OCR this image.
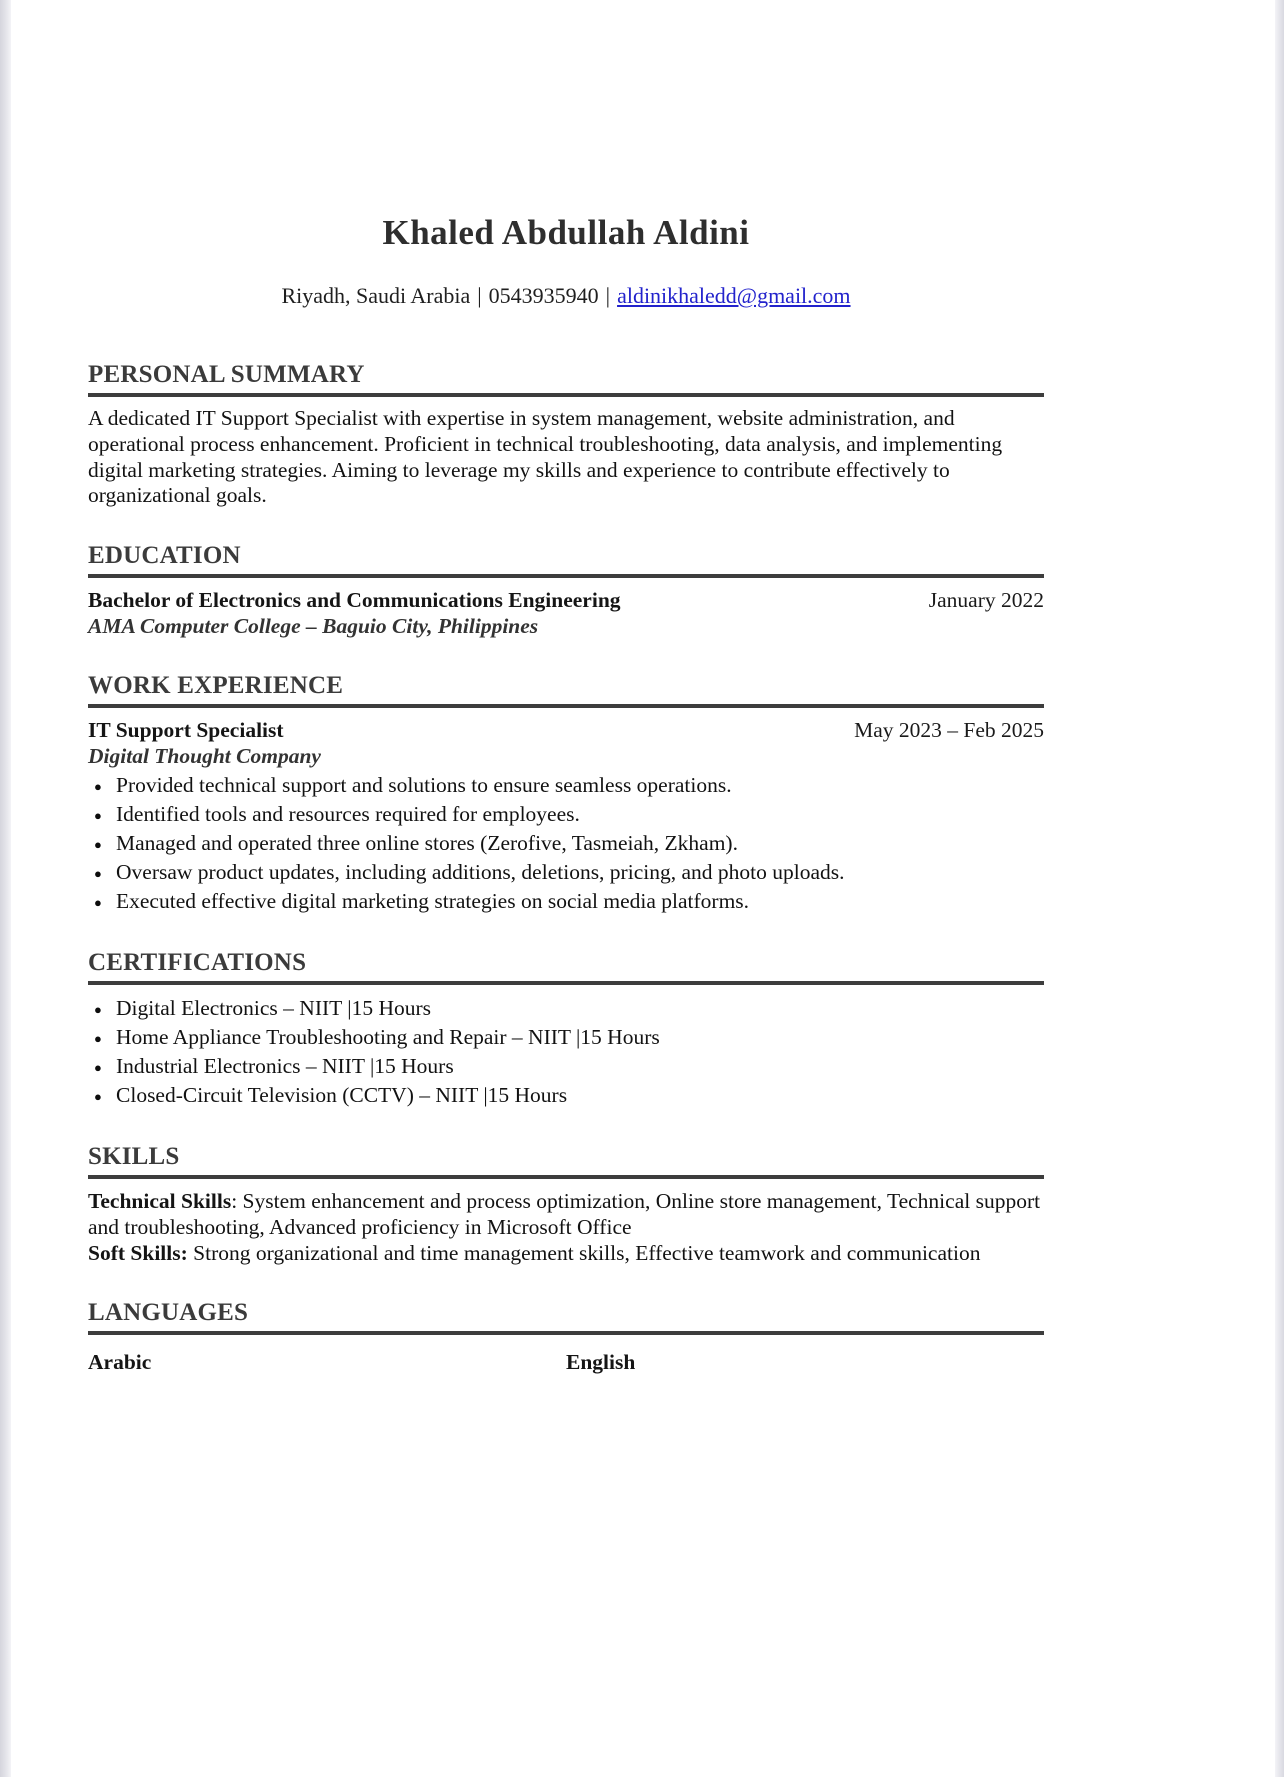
Khaled Abdullah Aldini
Riyadh, Saudi Arabia | 0543935940 | aldinikhaledd@gmail.com
PERSONAL SUMMARY

A dedicated IT Support Specialist with expertise in system management, website administration, and operational process enhancement. Proficient in technical troubleshooting, data analysis, and implementing digital marketing strategies. Aiming to leverage my skills and experience to contribute effectively to organizational goals.

EDUCATION
Bachelor of Electronics and Communications Engineering	January 2022
AMA Computer College – Baguio City, Philippines
WORK EXPERIENCE
IT Support Specialist	May 2023 – Feb 2025
Digital Thought Company
● Provided technical support and solutions to ensure seamless operations.
● Identified tools and resources required for employees.
● Managed and operated three online stores (Zerofive, Tasmeiah, Zkham).
● Oversaw product updates, including additions, deletions, pricing, and photo uploads.
● Executed effective digital marketing strategies on social media platforms.
CERTIFICATIONS
● Digital Electronics – NIIT |15 Hours
● Home Appliance Troubleshooting and Repair – NIIT |15 Hours
● Industrial Electronics – NIIT |15 Hours
● Closed-Circuit Television (CCTV) – NIIT |15 Hours
SKILLS

Technical Skills: System enhancement and process optimization, Online store management, Technical support and troubleshooting, Advanced proficiency in Microsoft Office

Soft Skills: Strong organizational and time management skills, Effective teamwork and communication

LANGUAGES
Arabic	English
